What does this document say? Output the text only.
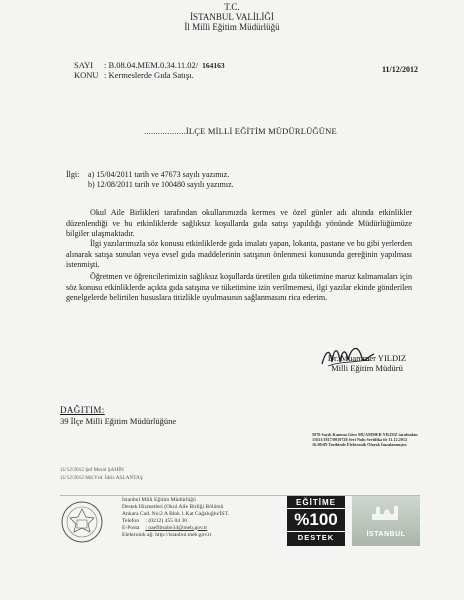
T.C.
İSTANBUL VALİLİĞİ
İl Milli Eğitim Müdürlüğü
SAYI : B.08.04.MEM.0.34.11.02/ 164163
KONU : Kermeslerde Gıda Satışı.
11/12/2012
..................İLÇE MİLLİ EĞİTİM MÜDÜRLÜĞÜNE
İlgi: a) 15/04/2011 tarih ve 47673 sayılı yazımız.
b) 12/08/2011 tarih ve 100480 sayılı yazımız.
Okul Aile Birlikleri tarafından okullarımızda kermes ve özel günler adı altında etkinlikler düzenlendiği ve bu etkinliklerde sağlıksız koşullarda gıda satışı yapıldığı yönünde Müdürlüğümüze bilgiler ulaşmaktadır.
İlgi yazılarımızla söz konusu etkinliklerde gıda imalatı yapan, lokanta, pastane ve bu gibi yerlerden alınarak satışa sunulan veya evsel gıda maddelerinin satışının önlenmesi konusunda gereğinin yapılması istenmişti.
Öğretmen ve öğrencilerimizin sağlıksız koşullarda üretilen gıda tüketimine maruz kalmamaları için söz konusu etkinliklerde açıkta gıda satışına ve tüketimine izin verilmemesi, ilgi yazılar ekinde gönderilen genelgelerde belirtilen hususlara titizlikle uyulmasının sağlanmasını rica ederim.
Dr. Muammer YILDIZ
Milli Eğitim Müdürü
DAĞITIM:
39 İlçe Milli Eğitim Müdürlüğüne
5070 Sayılı Kanuna Göre MUAMMER YILDIZ tarafından 11631/1817/0010728 Seri Nolu Sertifika ile 11.12.2012 16:00:09 Tarihinde Elektronik Olarak İmzalanmıştır.
11/12/2012 Şef Meral ŞAHİN
11/12/2012 Md.Yrd. İdris ASLANTAŞ
İstanbul Milli Eğitim Müdürlüğü
Destek Hizmetleri (Okul Aile Birliği Bölümü
Ankara Cad. No:2 A Blok 1.Kat Cağaloğlu/İST.
Telefon : (0212) 455 04 30
E-Posta : oaeflbsube34@meb.gov.tr
Elektronik ağ: http://istanbul.meb.gov.tr
EĞİTİME
%100
DESTEK	İSTANBUL
